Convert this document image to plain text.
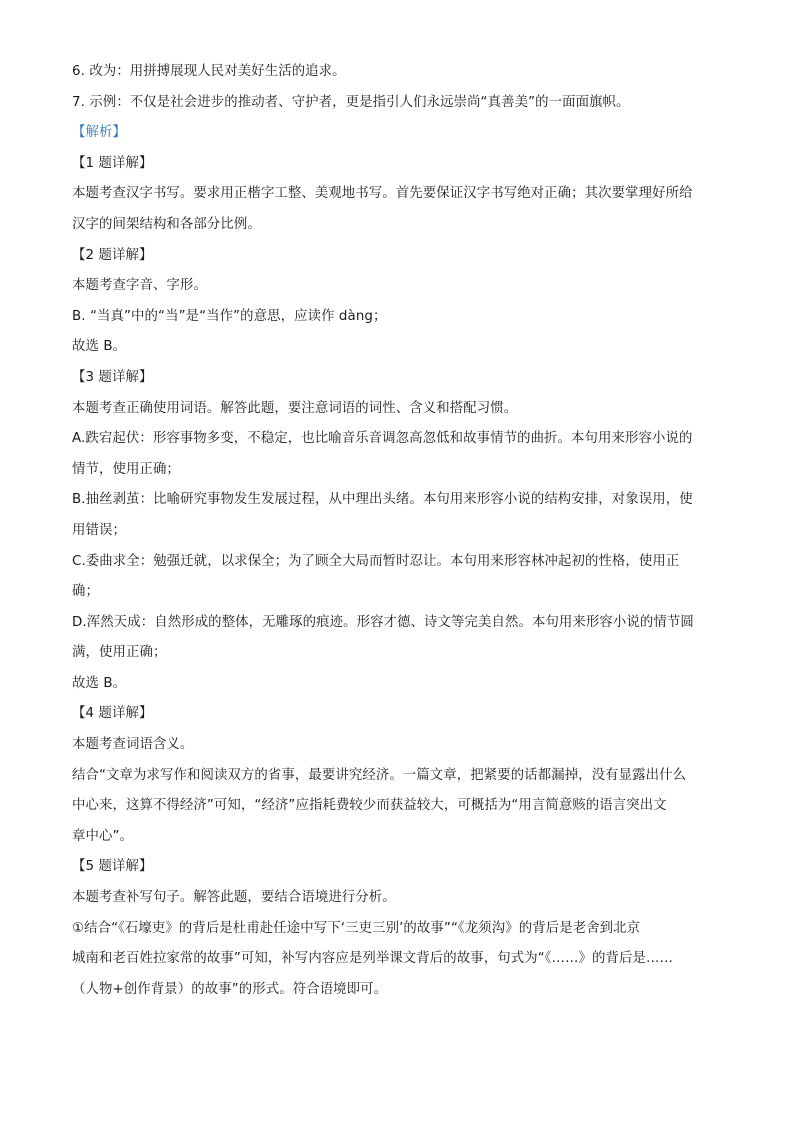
6. 改为：用拼搏展现人民对美好生活的追求。

7. 示例：不仅是社会进步的推动者、守护者，更是指引人们永远崇尚“真善美”的一面面旗帜。

【解析】

【1 题详解】

本题考查汉字书写。要求用正楷字工整、美观地书写。首先要保证汉字书写绝对正确；其次要掌理好所给

汉字的间架结构和各部分比例。

【2 题详解】

本题考查字音、字形。

B. “当真”中的“当”是“当作”的意思，应读作 dàng；

故选 B。

【3 题详解】

本题考查正确使用词语。解答此题，要注意词语的词性、含义和搭配习惯。

A.跌宕起伏：形容事物多变，不稳定，也比喻音乐音调忽高忽低和故事情节的曲折。本句用来形容小说的

情节，使用正确；

B.抽丝剥茧：比喻研究事物发生发展过程，从中理出头绪。本句用来形容小说的结构安排，对象误用，使

用错误；

C.委曲求全：勉强迁就，以求保全；为了顾全大局而暂时忍让。本句用来形容林冲起初的性格，使用正

确；

D.浑然天成：自然形成的整体，无雕琢的痕迹。形容才德、诗文等完美自然。本句用来形容小说的情节圆

满，使用正确；

故选 B。

【4 题详解】

本题考查词语含义。

结合“文章为求写作和阅读双方的省事，最要讲究经济。一篇文章，把紧要的话都漏掉，没有显露出什么

中心来，这算不得经济”可知，“经济”应指耗费较少而获益较大，可概括为“用言简意赅的语言突出文

章中心”。

【5 题详解】

本题考查补写句子。解答此题，要结合语境进行分析。

①结合“《石壕吏》的背后是杜甫赴任途中写下‘三吏三别’的故事”“《龙须沟》的背后是老舍到北京

城南和老百姓拉家常的故事”可知，补写内容应是列举课文背后的故事，句式为“《……》的背后是……

（人物+创作背景）的故事”的形式。符合语境即可。
